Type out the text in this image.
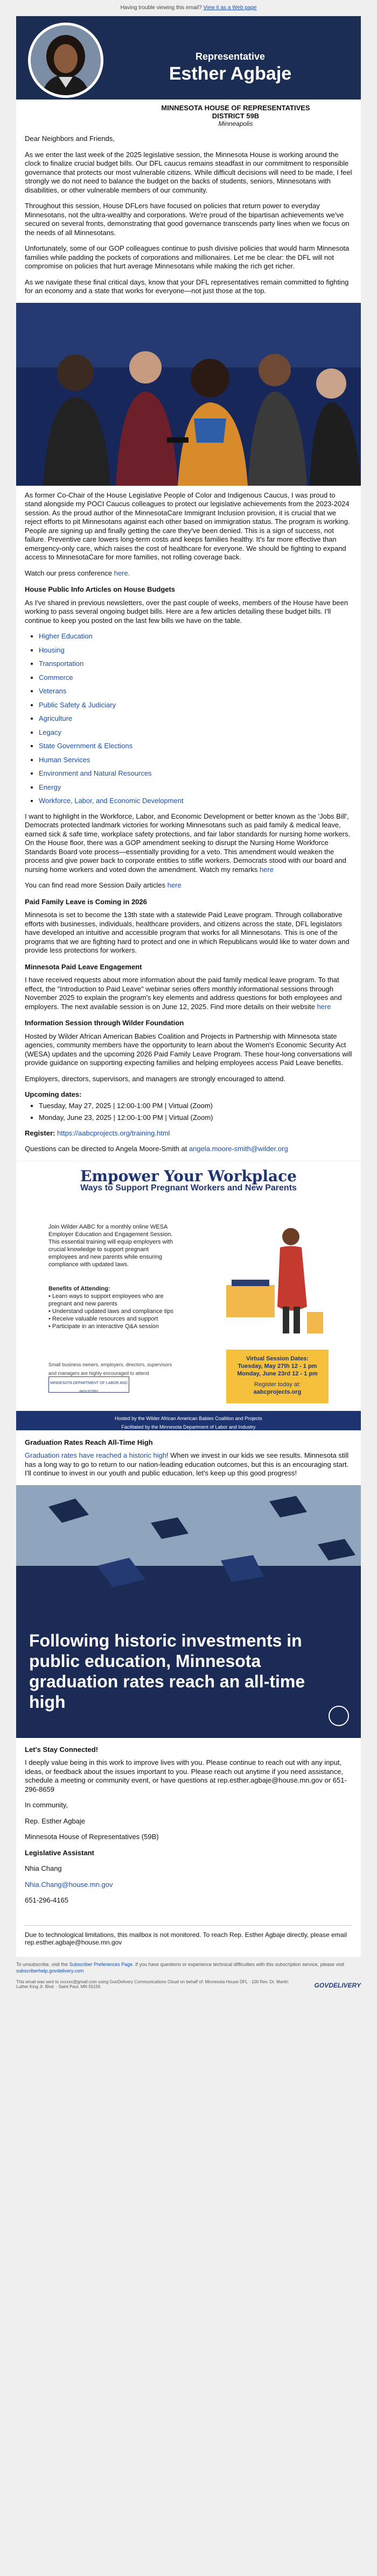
Having trouble viewing this email? View it as a Web page
Representative
Esther Agbaje
MINNESOTA HOUSE OF REPRESENTATIVES
DISTRICT 59B
Minneapolis

Dear Neighbors and Friends,

As we enter the last week of the 2025 legislative session, the Minnesota House is working around the clock to finalize crucial budget bills. Our DFL caucus remains steadfast in our commitment to responsible governance that protects our most vulnerable citizens. While difficult decisions will need to be made, I feel strongly we do not need to balance the budget on the backs of students, seniors, Minnesotans with disabilities, or other vulnerable members of our community.

Throughout this session, House DFLers have focused on policies that return power to everyday Minnesotans, not the ultra-wealthy and corporations. We're proud of the bipartisan achievements we've secured on several fronts, demonstrating that good governance transcends party lines when we focus on the needs of all Minnesotans.

Unfortunately, some of our GOP colleagues continue to push divisive policies that would harm Minnesota families while padding the pockets of corporations and millionaires. Let me be clear: the DFL will not compromise on policies that hurt average Minnesotans while making the rich get richer.

As we navigate these final critical days, know that your DFL representatives remain committed to fighting for an economy and a state that works for everyone—not just those at the top.

As former Co-Chair of the House Legislative People of Color and Indigenous Caucus, I was proud to stand alongside my POCI Caucus colleagues to protect our legislative achievements from the 2023-2024 session. As the proud author of the MinnesotaCare Immigrant Inclusion provision, it is crucial that we reject efforts to pit Minnesotans against each other based on immigration status. The program is working. People are signing up and finally getting the care they've been denied. This is a sign of success, not failure. Preventive care lowers long-term costs and keeps families healthy. It's far more effective than emergency-only care, which raises the cost of healthcare for everyone. We should be fighting to expand access to MinnesotaCare for more families, not rolling coverage back.

Watch our press conference here.

House Public Info Articles on House Budgets

As I've shared in previous newsletters, over the past couple of weeks, members of the House have been working to pass several ongoing budget bills. Here are a few articles detailing these budget bills. I'll continue to keep you posted on the last few bills we have on the table.

• Higher Education
• Housing
• Transportation
• Commerce
• Veterans
• Public Safety & Judiciary
• Agriculture
• Legacy
• State Government & Elections
• Human Services
• Environment and Natural Resources
• Energy
• Workforce, Labor, and Economic Development

I want to highlight in the Workforce, Labor, and Economic Development or better known as the 'Jobs Bill', Democrats protected landmark victories for working Minnesotans such as paid family & medical leave, earned sick & safe time, workplace safety protections, and fair labor standards for nursing home workers. On the House floor, there was a GOP amendment seeking to disrupt the Nursing Home Workforce Standards Board vote process—essentially providing for a veto. This amendment would weaken the process and give power back to corporate entities to stifle workers. Democrats stood with our board and nursing home workers and voted down the amendment. Watch my remarks here

You can find read more Session Daily articles here

Paid Family Leave is Coming in 2026

Minnesota is set to become the 13th state with a statewide Paid Leave program. Through collaborative efforts with businesses, individuals, healthcare providers, and citizens across the state, DFL legislators have developed an intuitive and accessible program that works for all Minnesotans. This is one of the programs that we are fighting hard to protect and one in which Republicans would like to water down and provide less protections for workers.

Minnesota Paid Leave Engagement

I have received requests about more information about the paid family medical leave program. To that effect, the "Introduction to Paid Leave" webinar series offers monthly informational sessions through November 2025 to explain the program's key elements and address questions for both employees and employers. The next available session is on June 12, 2025. Find more details on their website here

Information Session through Wilder Foundation

Hosted by Wilder African American Babies Coalition and Projects in Partnership with Minnesota state agencies, community members have the opportunity to learn about the Women's Economic Security Act (WESA) updates and the upcoming 2026 Paid Family Leave Program. These hour-long conversations will provide guidance on supporting expecting families and helping employees access Paid Leave benefits.

Employers, directors, supervisors, and managers are strongly encouraged to attend.

Upcoming dates:

• Tuesday, May 27, 2025 | 12:00-1:00 PM | Virtual (Zoom)
• Monday, June 23, 2025 | 12:00-1:00 PM | Virtual (Zoom)

Register: https://aabcprojects.org/training.html

Questions can be directed to Angela Moore-Smith at angela.moore-smith@wilder.org

Empower Your Workplace
Ways to Support Pregnant Workers and New Parents
Join Wilder AABC for a monthly online WESA Employer Education and Engagement Session. This essential training will equip employers with crucial knowledge to support pregnant employees and new parents while ensuring compliance with updated laws.
Benefits of Attending:
• Learn ways to support employees who are pregnant and new parents
• Understand updated laws and compliance tips
• Receive valuable resources and support
• Participate in an interactive Q&A session
Small business owners, employers, directors, supervisors and managers are highly encouraged to attend
MINNESOTA DEPARTMENT OF LABOR AND INDUSTRY
Virtual Session Dates:
Tuesday, May 27th 12 - 1 pm
Monday, June 23rd 12 - 1 pm
Register today at:
aabcprojects.org
Hosted by the Wilder African American Babies Coalition and Projects
Facilitated by the Minnesota Department of Labor and Industry
Graduation Rates Reach All-Time High

Graduation rates have reached a historic high! When we invest in our kids we see results. Minnesota still has a long way to go to return to our nation-leading education outcomes, but this is an encouraging start. I'll continue to invest in our youth and public education, let's keep up this good progress!

Following historic investments in public education, Minnesota graduation rates reach an all-time high
Let's Stay Connected!

I deeply value being in this work to improve lives with you. Please continue to reach out with any input, ideas, or feedback about the issues important to you. Please reach out anytime if you need assistance, schedule a meeting or community event, or have questions at rep.esther.agbaje@house.mn.gov or 651-296-8659

In community,

Rep. Esther Agbaje

Minnesota House of Representatives (59B)

Legislative Assistant

Nhia Chang

Nhia.Chang@house.mn.gov

651-296-4165

Due to technological limitations, this mailbox is not monitored. To reach Rep. Esther Agbaje directly, please email rep.esther.agbaje@house.mn.gov
To unsubscribe, visit the Subscriber Preferences Page. If you have questions or experience technical difficulties with this subscription service, please visit subscriberhelp.govdelivery.com
This email was sent to xxxxxx@gmail.com using GovDelivery Communications Cloud on behalf of: Minnesota House DFL · 100 Rev. Dr. Martin Luther King Jr. Blvd. · Saint Paul, MN 55155	GOVDELIVERY
